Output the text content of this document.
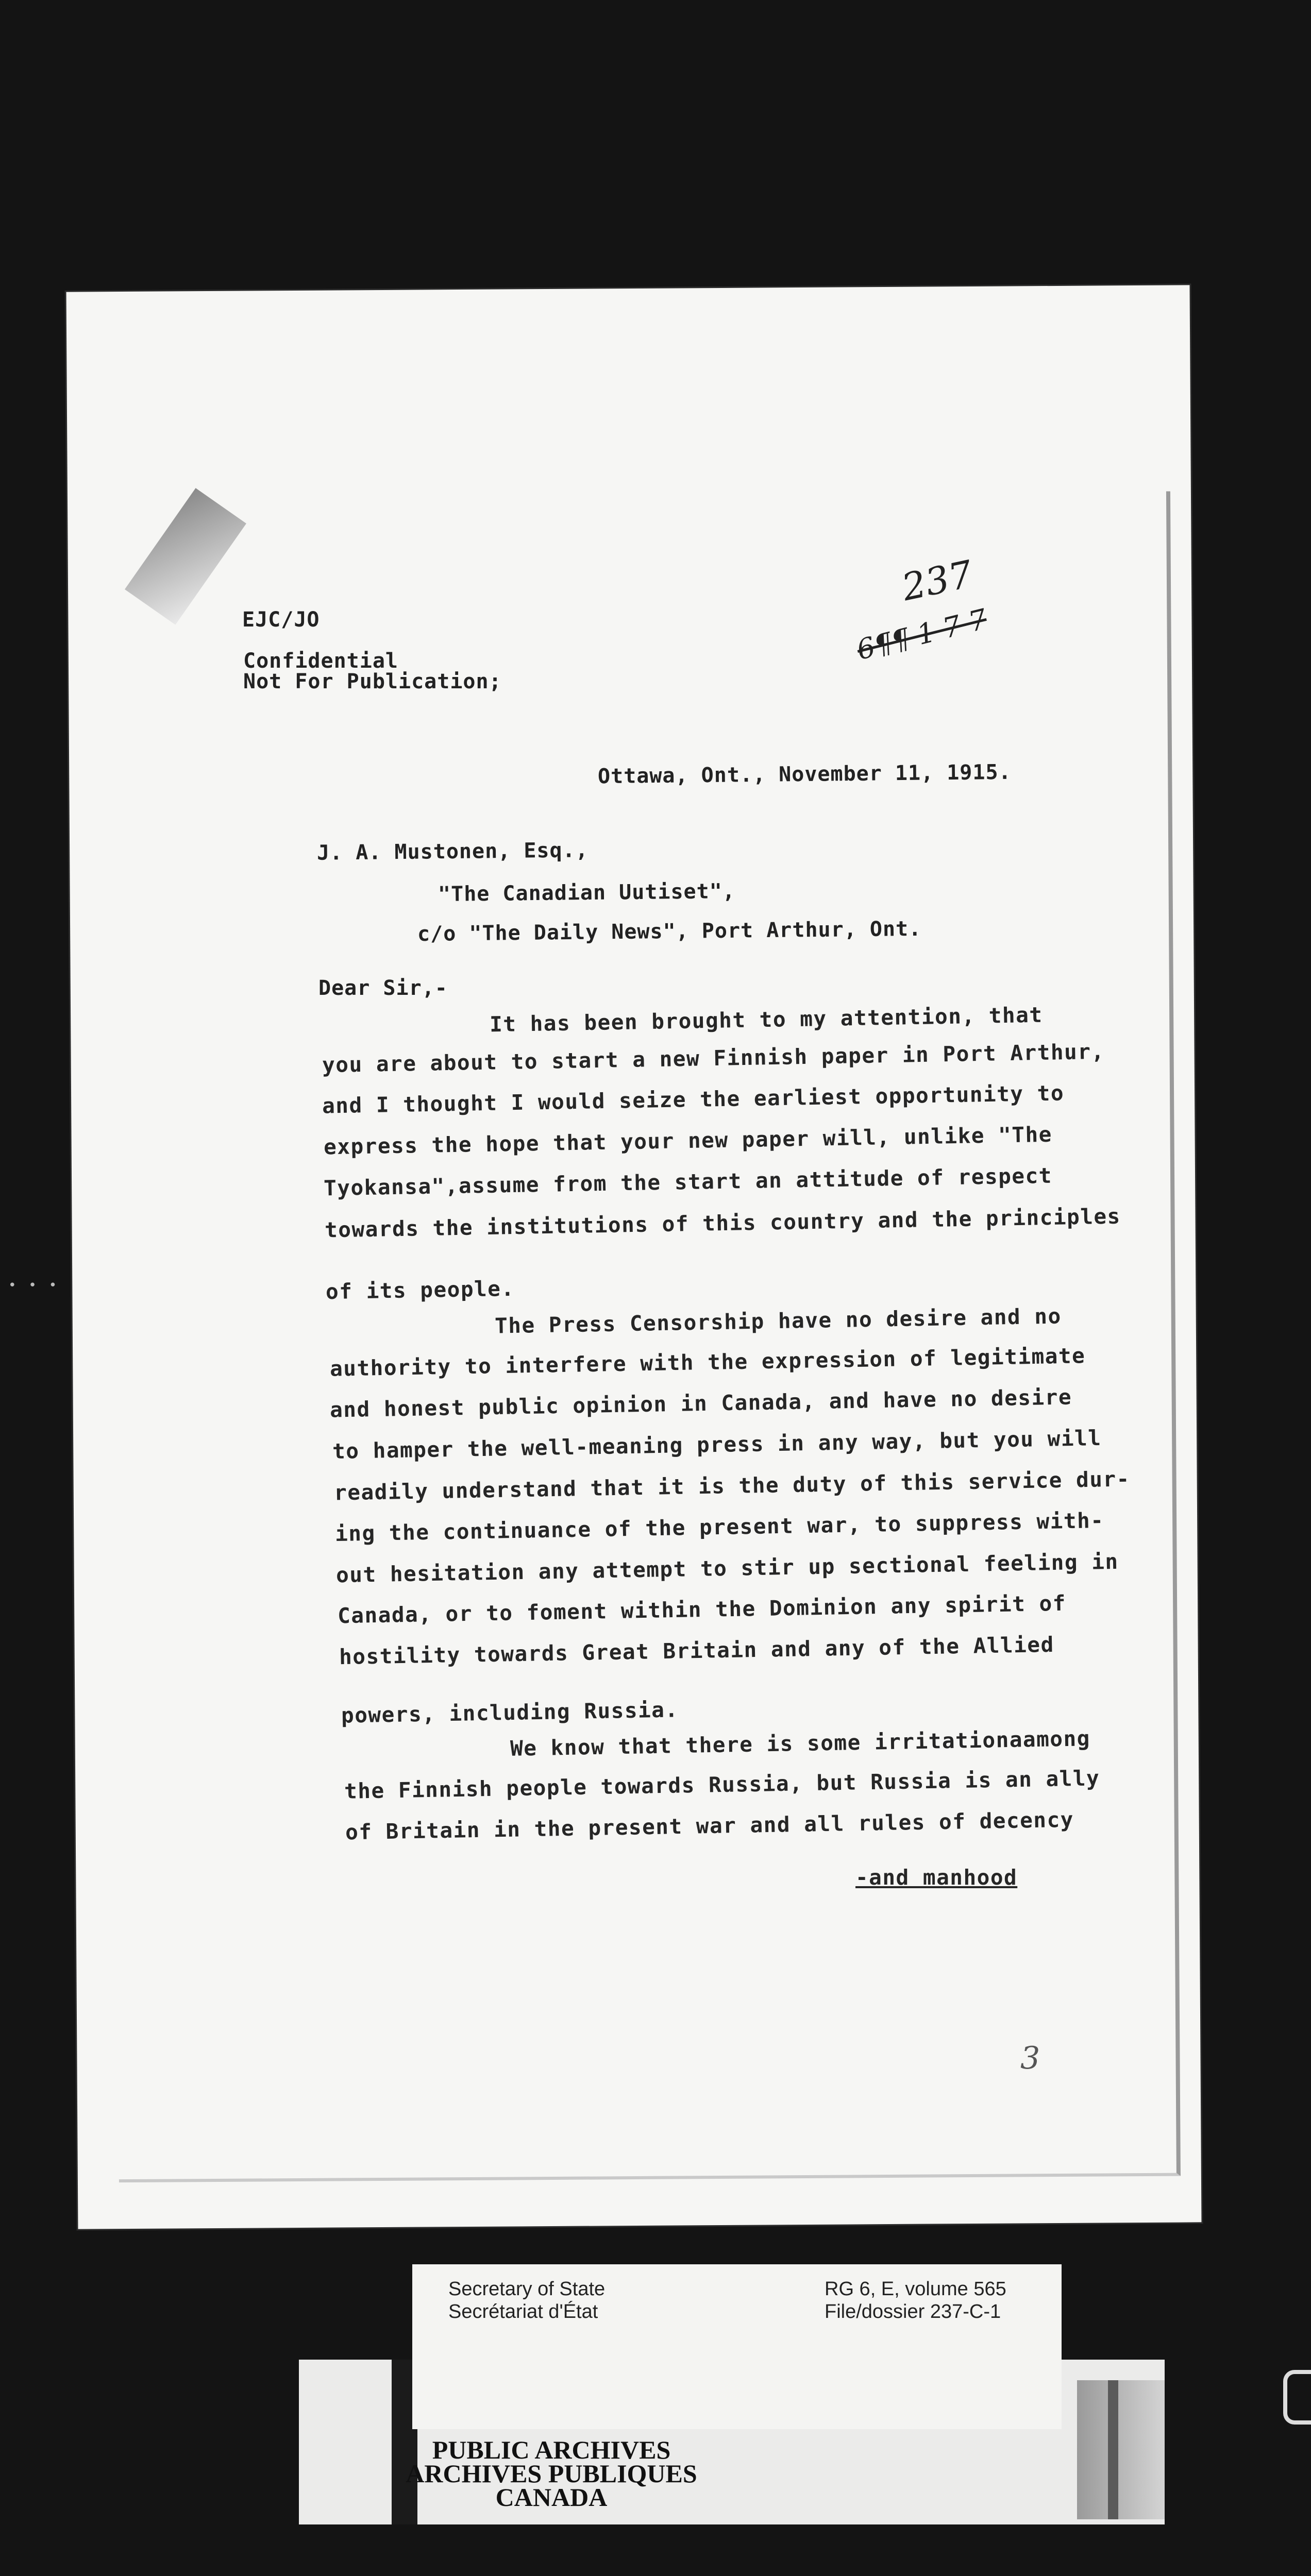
EJC/JO
Confidential
Not For Publication;
237
6¶¶ 1 7 7
Ottawa, Ont., November 11, 1915.
J. A. Mustonen, Esq.,
"The Canadian Uutiset",
c/o "The Daily News", Port Arthur, Ont.
Dear Sir,-
It has been brought to my attention, that
you are about to start a new Finnish paper in Port Arthur,
and I thought I would seize the earliest opportunity to
express the hope that your new paper will, unlike "The
Tyokansa",assume from the start an attitude of respect
towards the institutions of this country and the principles
of its people.
The Press Censorship have no desire and no
authority to interfere with the expression of legitimate
and honest public opinion in Canada, and have no desire
to hamper the well-meaning press in any way, but you will
readily understand that it is the duty of this service dur-
ing the continuance of the present war, to suppress with-
out hesitation any attempt to stir up sectional feeling in
Canada, or to foment within the Dominion any spirit of
hostility towards Great Britain and any of the Allied
powers, including Russia.
We know that there is some irritationaamong
the Finnish people towards Russia, but Russia is an ally
of Britain in the present war and all rules of decency
-and manhood
3
• • •
Secretary of State
Secrétariat d'État
RG 6, E, volume 565
File/dossier 237-C-1
PUBLIC ARCHIVES
ARCHIVES PUBLIQUES
CANADA
